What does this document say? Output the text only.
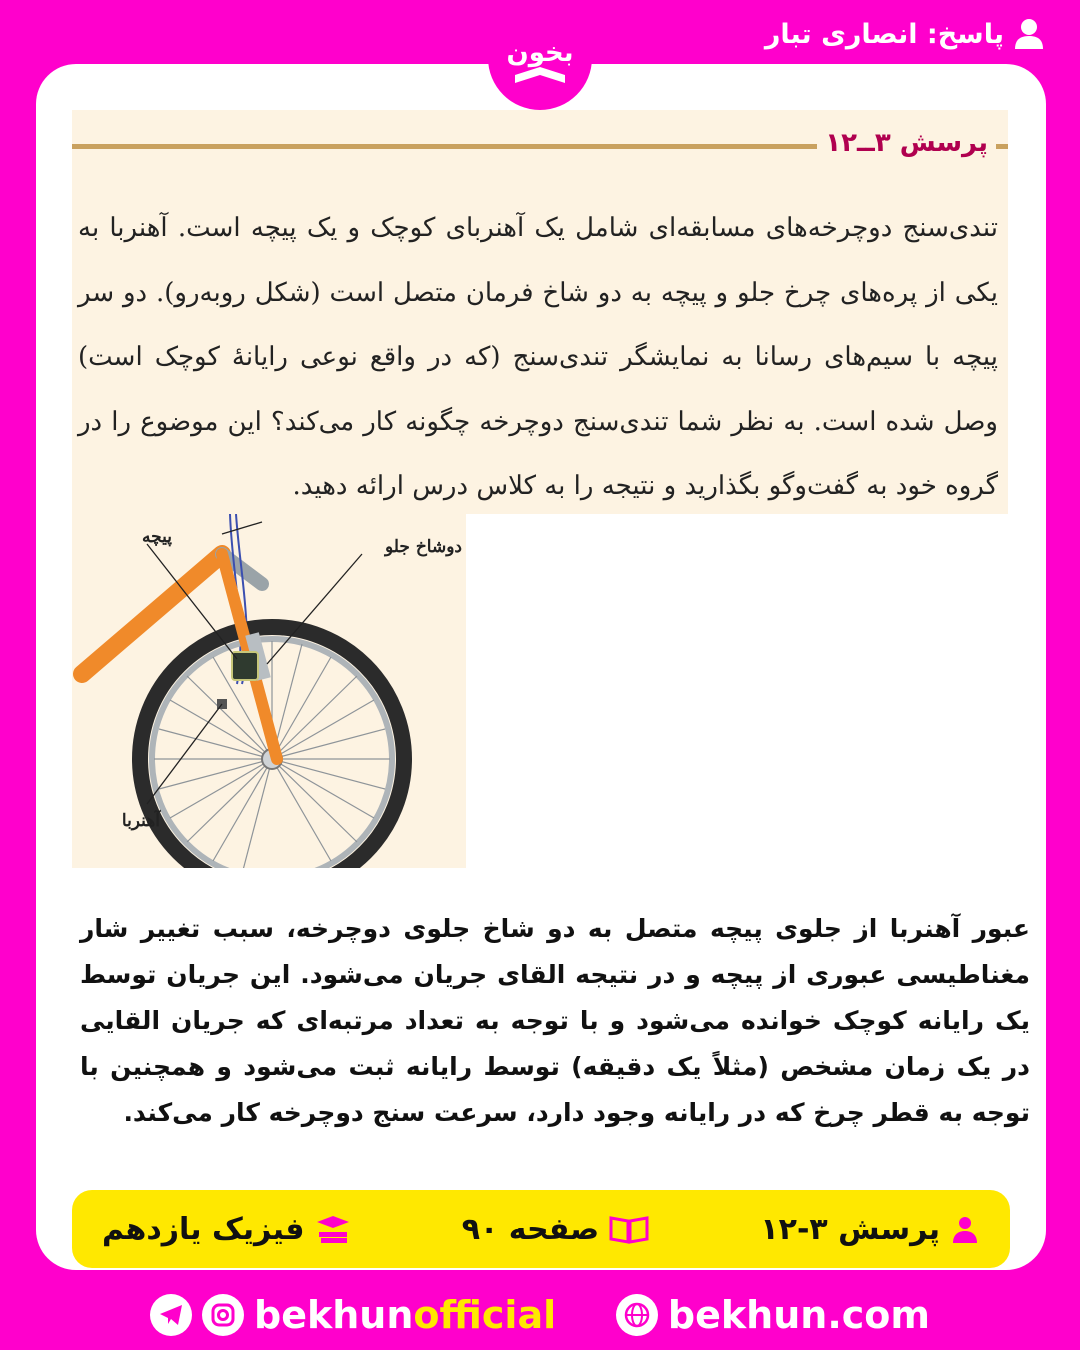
پاسخ: انصاری تبار
پرسش ۳ــ۱۲
تندی‌سنج دوچرخه‌های مسابقه‌ای شامل یک آهنربای کوچک و یک پیچه است. آهنربا به یکی از پره‌های چرخ جلو و پیچه به دو شاخ فرمان متصل است (شکل روبه‌رو). دو سر پیچه با سیم‌های رسانا به نمایشگر تندی‌سنج (که در واقع نوعی رایانهٔ کوچک است) وصل شده است. به نظر شما تندی‌سنج دوچرخه چگونه کار می‌کند؟ این موضوع را در گروه خود به گفت‌وگو بگذارید و نتیجه را به کلاس درس ارائه دهید.
پیچه	دوشاخ جلو
آهنربا
عبور آهنربا از جلوی پیچه متصل به دو شاخ جلوی دوچرخه، سبب تغییر شار مغناطیسی عبوری از پیچه و در نتیجه القای جریان می‌شود. این جریان توسط یک رایانه کوچک خوانده می‌شود و با توجه به تعداد مرتبه‌ای که جریان القایی در یک زمان مشخص (مثلاً یک دقیقه) توسط رایانه ثبت می‌شود و همچنین با توجه به قطر چرخ که در رایانه وجود دارد، سرعت سنج دوچرخه کار می‌کند.
پرسش ۳-۱۲
صفحه ۹۰
فیزیک یازدهم
بخون
bekhunofficial	bekhun.com
